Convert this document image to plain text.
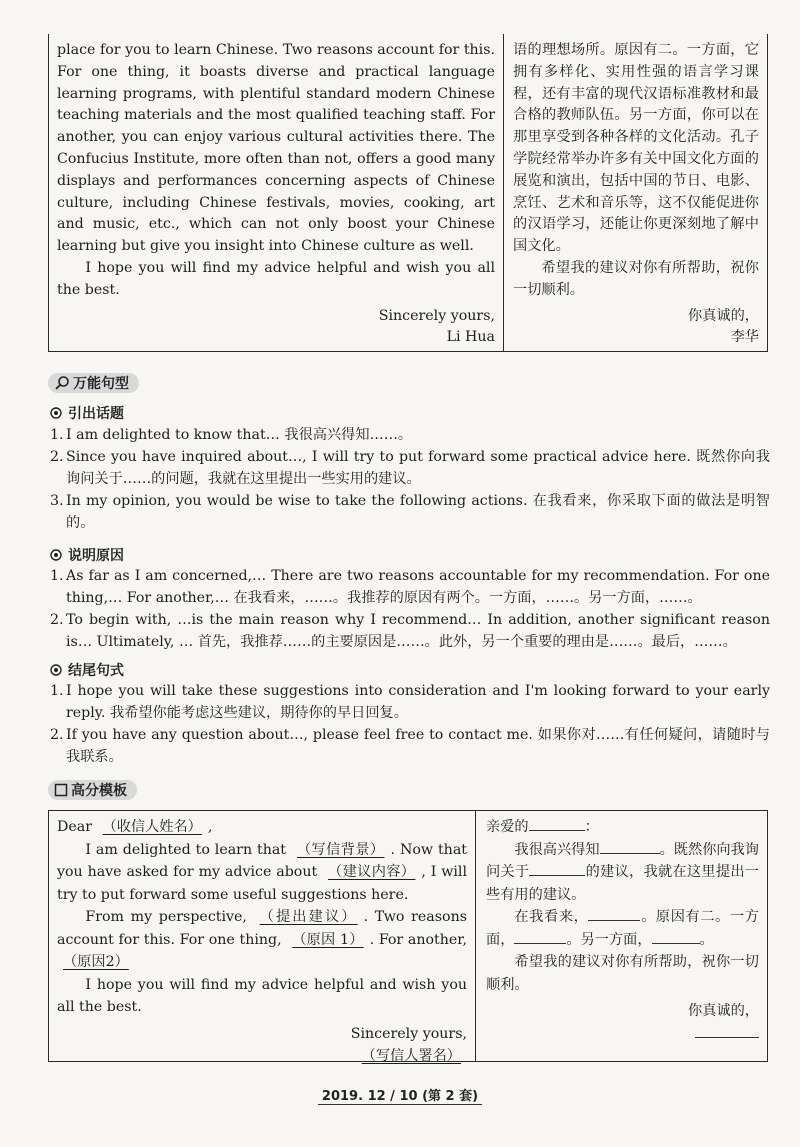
place for you to learn Chinese. Two reasons account for this. For one thing, it boasts diverse and practical language learning programs, with plentiful standard modern Chinese teaching materials and the most qualified teaching staff. For another, you can enjoy various cultural activities there. The Confucius Institute, more often than not, offers a good many displays and performances concerning aspects of Chinese culture, including Chinese festivals, movies, cooking, art and music, etc., which can not only boost your Chinese learning but give you insight into Chinese culture as well.

I hope you will find my advice helpful and wish you all the best.

Sincerely yours,

Li Hua

语的理想场所。原因有二。一方面，它拥有多样化、实用性强的语言学习课程，还有丰富的现代汉语标准教材和最合格的教师队伍。另一方面，你可以在那里享受到各种各样的文化活动。孔子学院经常举办许多有关中国文化方面的展览和演出，包括中国的节日、电影、烹饪、艺术和音乐等，这不仅能促进你的汉语学习，还能让你更深刻地了解中国文化。

希望我的建议对你有所帮助，祝你一切顺利。

你真诚的，

李华

万能句型
引出话题
1. I am delighted to know that… 我很高兴得知……。
2. Since you have inquired about…, I will try to put forward some practical advice here. 既然你向我询问关于……的问题，我就在这里提出一些实用的建议。
3. In my opinion, you would be wise to take the following actions. 在我看来，你采取下面的做法是明智的。
说明原因
1. As far as I am concerned,… There are two reasons accountable for my recommendation. For one thing,… For another,… 在我看来，……。我推荐的原因有两个。一方面，……。另一方面，……。
2. To begin with, …is the main reason why I recommend… In addition, another significant reason is… Ultimately, … 首先，我推荐……的主要原因是……。此外，另一个重要的理由是……。最后，……。
结尾句式
1. I hope you will take these suggestions into consideration and I'm looking forward to your early reply. 我希望你能考虑这些建议，期待你的早日回复。
2. If you have any question about…, please feel free to contact me. 如果你对……有任何疑问，请随时与我联系。
高分模板

Dear （收信人姓名） ,

I am delighted to learn that （写信背景） . Now that you have asked for my advice about （建议内容） , I will try to put forward some useful suggestions here.

From my perspective, （提出建议） . Two reasons account for this. For one thing, （原因 1） . For another, （原因2）

I hope you will find my advice helpful and wish you all the best.

Sincerely yours,

（写信人署名）

亲爱的	：

我很高兴得知	。既然你向我询问关于	的建议，我就在这里提出一些有用的建议。

在我看来，	。原因有二。一方面，	。另一方面，	。

希望我的建议对你有所帮助，祝你一切顺利。

你真诚的，

2019. 12 / 10 (第 2 套)
